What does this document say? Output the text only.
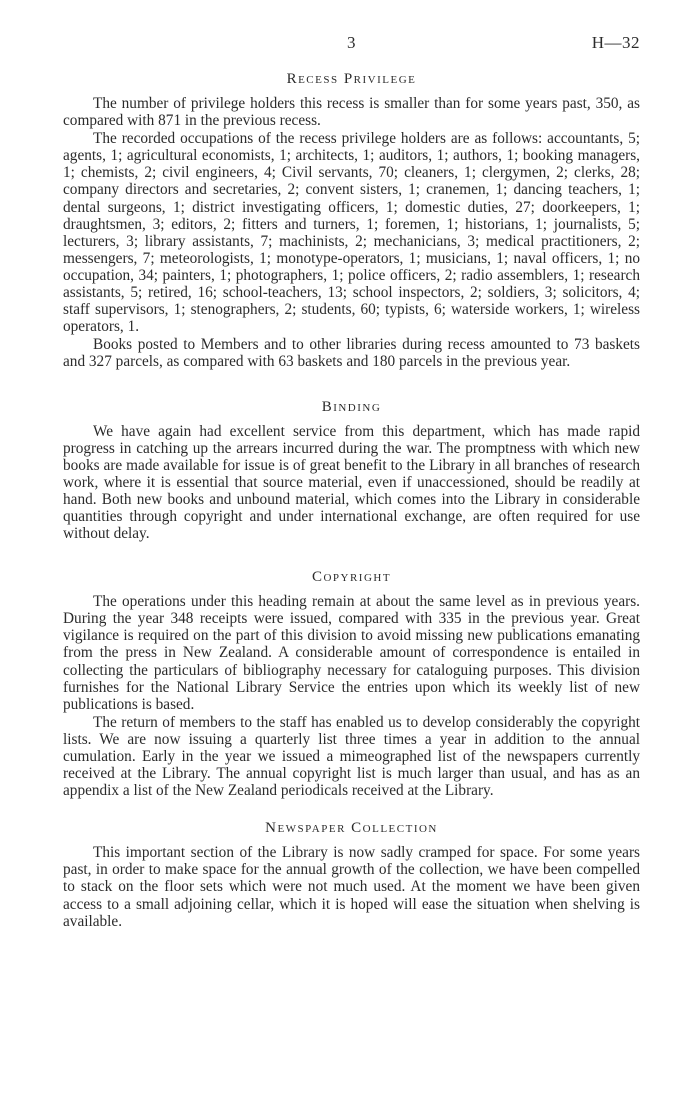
3	H—32
Recess Privilege

The number of privilege holders this recess is smaller than for some years past, 350, as compared with 871 in the previous recess.

The recorded occupations of the recess privilege holders are as follows: accountants, 5; agents, 1; agricultural economists, 1; architects, 1; auditors, 1; authors, 1; booking managers, 1; chemists, 2; civil engineers, 4; Civil servants, 70; cleaners, 1; clergymen, 2; clerks, 28; company directors and secretaries, 2; convent sisters, 1; cranemen, 1; dancing teachers, 1; dental surgeons, 1; district investigating officers, 1; domestic duties, 27; doorkeepers, 1; draughtsmen, 3; editors, 2; fitters and turners, 1; foremen, 1; historians, 1; journalists, 5; lecturers, 3; library assistants, 7; machinists, 2; mechanicians, 3; medical practitioners, 2; messengers, 7; meteorologists, 1; monotype-operators, 1; musicians, 1; naval officers, 1; no occupation, 34; painters, 1; photographers, 1; police officers, 2; radio assemblers, 1; research assistants, 5; retired, 16; school-teachers, 13; school inspectors, 2; soldiers, 3; solicitors, 4; staff supervisors, 1; stenographers, 2; students, 60; typists, 6; waterside workers, 1; wireless operators, 1.

Books posted to Members and to other libraries during recess amounted to 73 baskets and 327 parcels, as compared with 63 baskets and 180 parcels in the previous year.

Binding

We have again had excellent service from this department, which has made rapid progress in catching up the arrears incurred during the war. The promptness with which new books are made available for issue is of great benefit to the Library in all branches of research work, where it is essential that source material, even if unaccessioned, should be readily at hand. Both new books and unbound material, which comes into the Library in considerable quantities through copyright and under international exchange, are often required for use without delay.

Copyright

The operations under this heading remain at about the same level as in previous years. During the year 348 receipts were issued, compared with 335 in the previous year. Great vigilance is required on the part of this division to avoid missing new publications emanating from the press in New Zealand. A considerable amount of correspondence is entailed in collecting the particulars of bibliography necessary for cataloguing purposes. This division furnishes for the National Library Service the entries upon which its weekly list of new publications is based.

The return of members to the staff has enabled us to develop considerably the copyright lists. We are now issuing a quarterly list three times a year in addition to the annual cumulation. Early in the year we issued a mimeographed list of the newspapers currently received at the Library. The annual copyright list is much larger than usual, and has as an appendix a list of the New Zealand periodicals received at the Library.

Newspaper Collection

This important section of the Library is now sadly cramped for space. For some years past, in order to make space for the annual growth of the collection, we have been compelled to stack on the floor sets which were not much used. At the moment we have been given access to a small adjoining cellar, which it is hoped will ease the situation when shelving is available.
